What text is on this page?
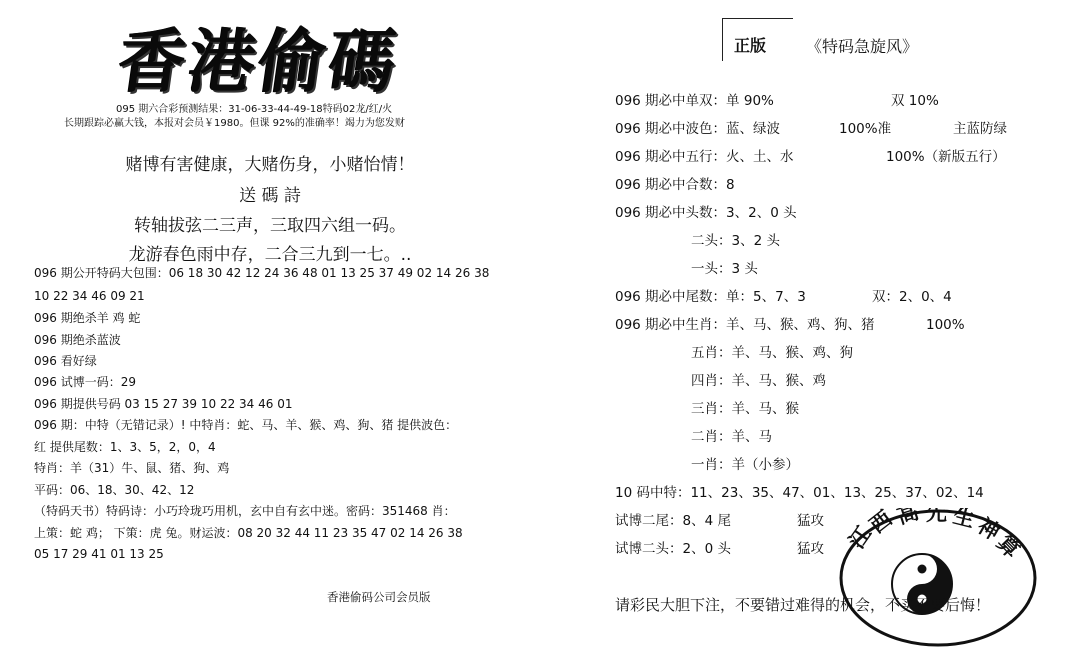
香港偷碼
095 期六合彩预测结果：31-06-33-44-49-18特码02龙/红/火
长期跟踪必赢大钱，本报对会员￥1980。但课 92%的准确率！竭力为您发财
赌博有害健康，大赌伤身，小赌怡情！
送 碼 詩
转轴拔弦二三声，三取四六组一码。
龙游春色雨中存，二合三九到一七。..
096 期公开特码大包围：06 18 30 42 12 24 36 48 01 13 25 37 49 02 14 26 38
10 22 34 46 09 21
096 期绝杀羊 鸡 蛇
096 期绝杀蓝波
096 看好绿
096 试博一码：29
096 期提供号码 03 15 27 39 10 22 34 46 01
096 期：中特（无错记录）! 中特肖：蛇、马、羊、猴、鸡、狗、猪 提供波色：
红 提供尾数：1、3、5，2，0，4
特肖：羊（31）牛、鼠、猪、狗、鸡
平码：06、18、30、42、12
（特码天书）特码诗：小巧玲珑巧用机，玄中自有玄中迷。密码：351468 肖：
上策：蛇 鸡； 下策：虎 兔。财运波：08 20 32 44 11 23 35 47 02 14 26 38
05 17 29 41 01 13 25
香港偷码公司会员版
正版 《特码急旋风》
096 期必中单双：单 90%	双 10%
096 期必中波色：蓝、绿波	100%准	主蓝防绿
096 期必中五行：火、土、水	100%（新版五行）
096 期必中合数：8
096 期必中头数：3、2、0 头
二头：3、2 头
一头：3 头
096 期必中尾数：单：5、7、3	双：2、0、4
096 期必中生肖：羊、马、猴、鸡、狗、猪	100%
五肖：羊、马、猴、鸡、狗
四肖：羊、马、猴、鸡
三肖：羊、马、猴
二肖：羊、马
一肖：羊（小参）
10 码中特：11、23、35、47、01、13、25、37、02、14
试博二尾：8、4 尾	猛攻
试博二头：2、0 头	猛攻 江
西
高 先 生
神
算
请彩民大胆下注，不要错过难得的机会，不买不要后悔！
